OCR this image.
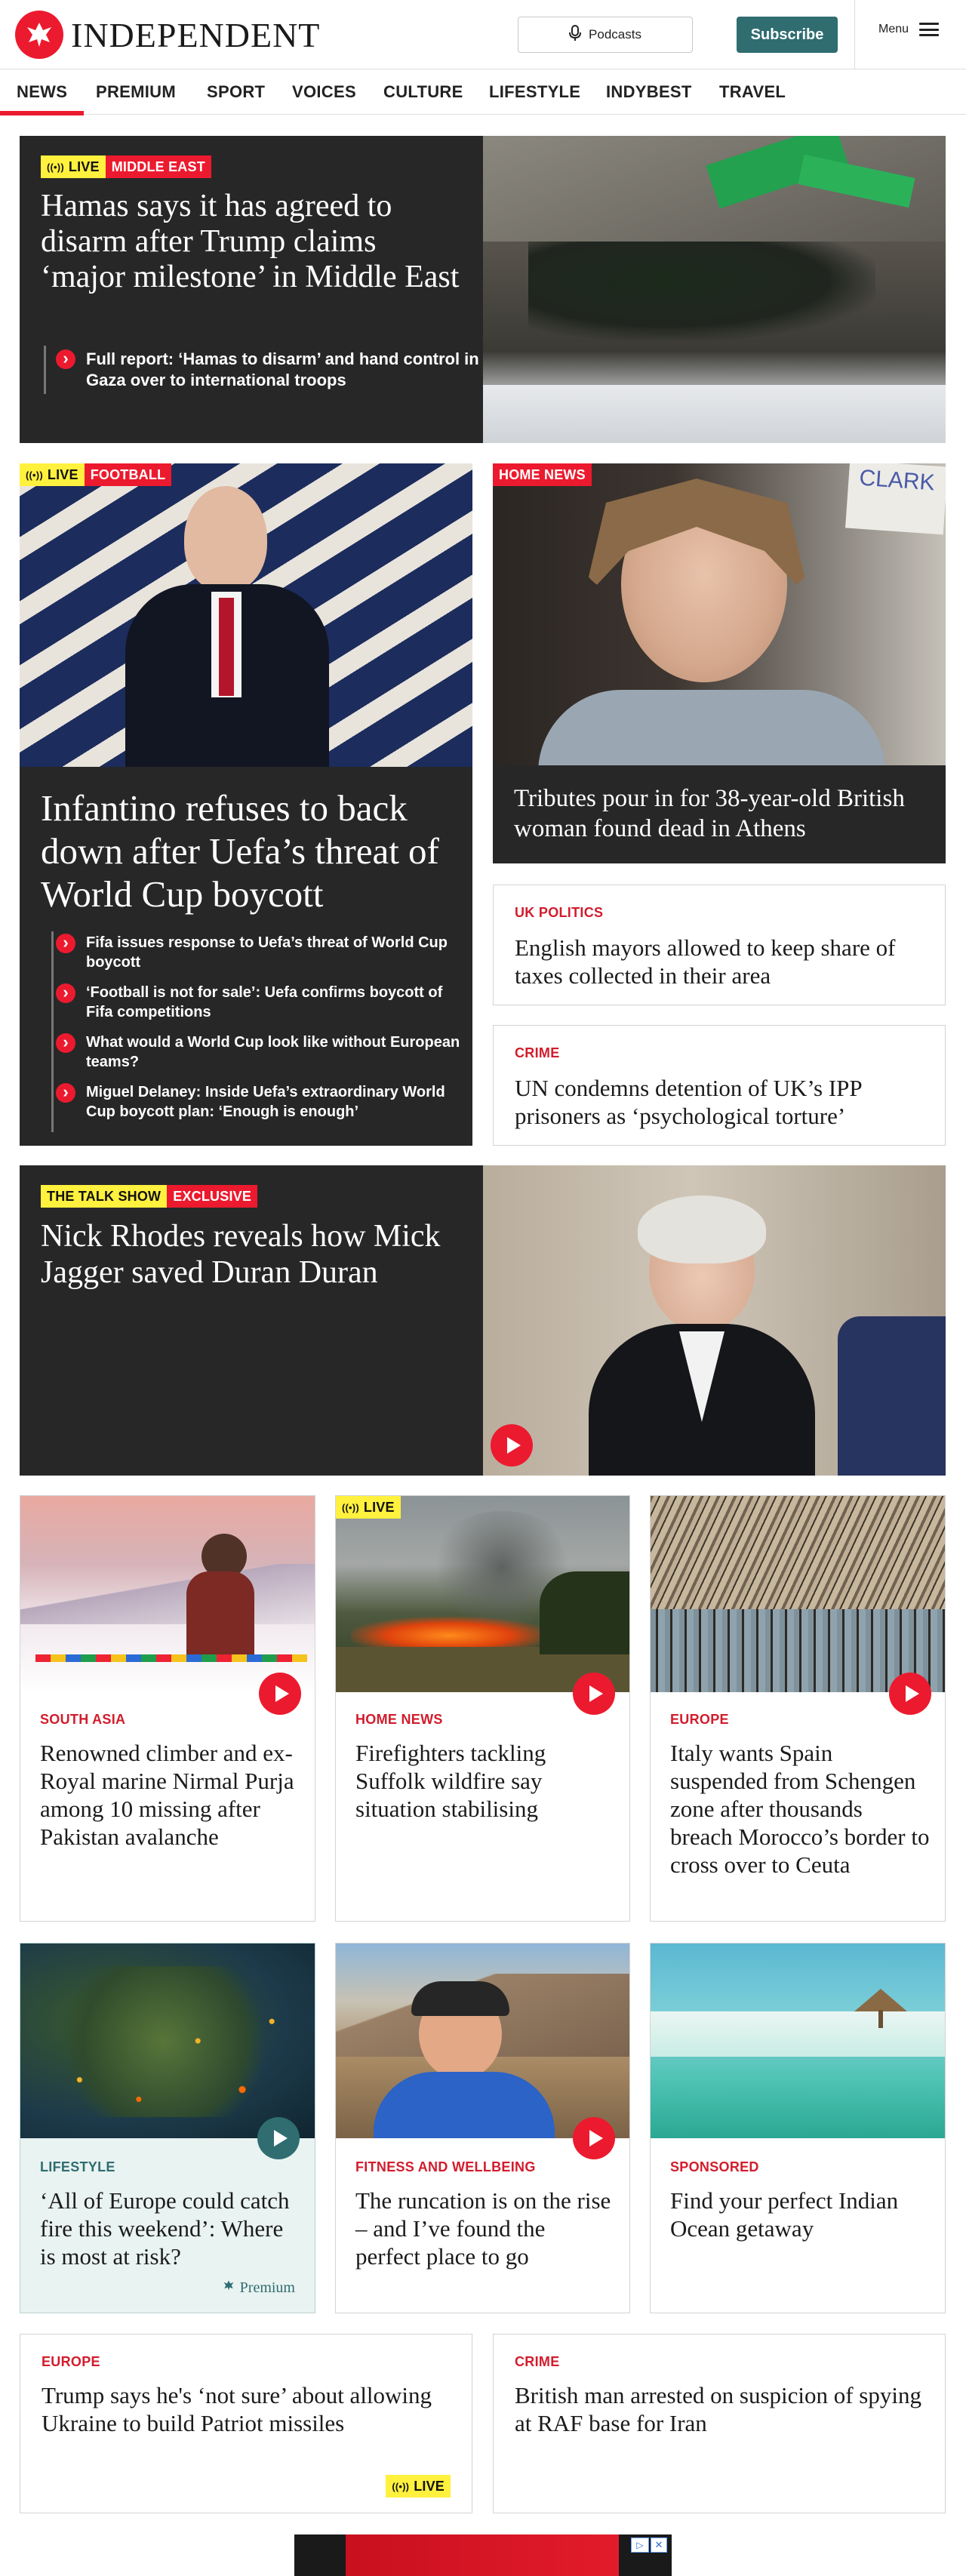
INDEPENDENT	Podcasts	Subscribe	Menu
NEWS PREMIUM SPORT VOICES CULTURE LIFESTYLE INDYBEST TRAVEL
((•)) LIVE MIDDLE EAST
Hamas says it has agreed to disarm after Trump claims ‘major milestone’ in Middle East
› Full report: ‘Hamas to disarm’ and hand control in Gaza over to international troops
((•)) LIVE FOOTBALL
Infantino refuses to back down after Uefa’s threat of World Cup boycott
› Fifa issues response to Uefa’s threat of World Cup boycott
› ‘Football is not for sale’: Uefa confirms boycott of Fifa competitions
› What would a World Cup look like without European teams?
› Miguel Delaney: Inside Uefa’s extraordinary World Cup boycott plan: ‘Enough is enough’
CLARK
HOME NEWS
Tributes pour in for 38-year-old British woman found dead in Athens
UK POLITICS
English mayors allowed to keep share of taxes collected in their area
CRIME
UN condemns detention of UK’s IPP prisoners as ‘psychological torture’
THE TALK SHOW EXCLUSIVE
Nick Rhodes reveals how Mick Jagger saved Duran Duran
SOUTH ASIA
Renowned climber and ex-Royal marine Nirmal Purja among 10 missing after Pakistan avalanche
((•)) LIVE
HOME NEWS
Firefighters tackling Suffolk wildfire say situation stabilising
EUROPE
Italy wants Spain suspended from Schengen zone after thousands breach Morocco’s border to cross over to Ceuta
LIFESTYLE
‘All of Europe could catch fire this weekend’: Where is most at risk?
Premium
FITNESS AND WELLBEING
The runcation is on the rise – and I’ve found the perfect place to go
SPONSORED
Find your perfect Indian Ocean getaway
EUROPE
Trump says he's ‘not sure’ about allowing Ukraine to build Patriot missiles
((•)) LIVE
CRIME
British man arrested on suspicion of spying at RAF base for Iran
▷	✕
